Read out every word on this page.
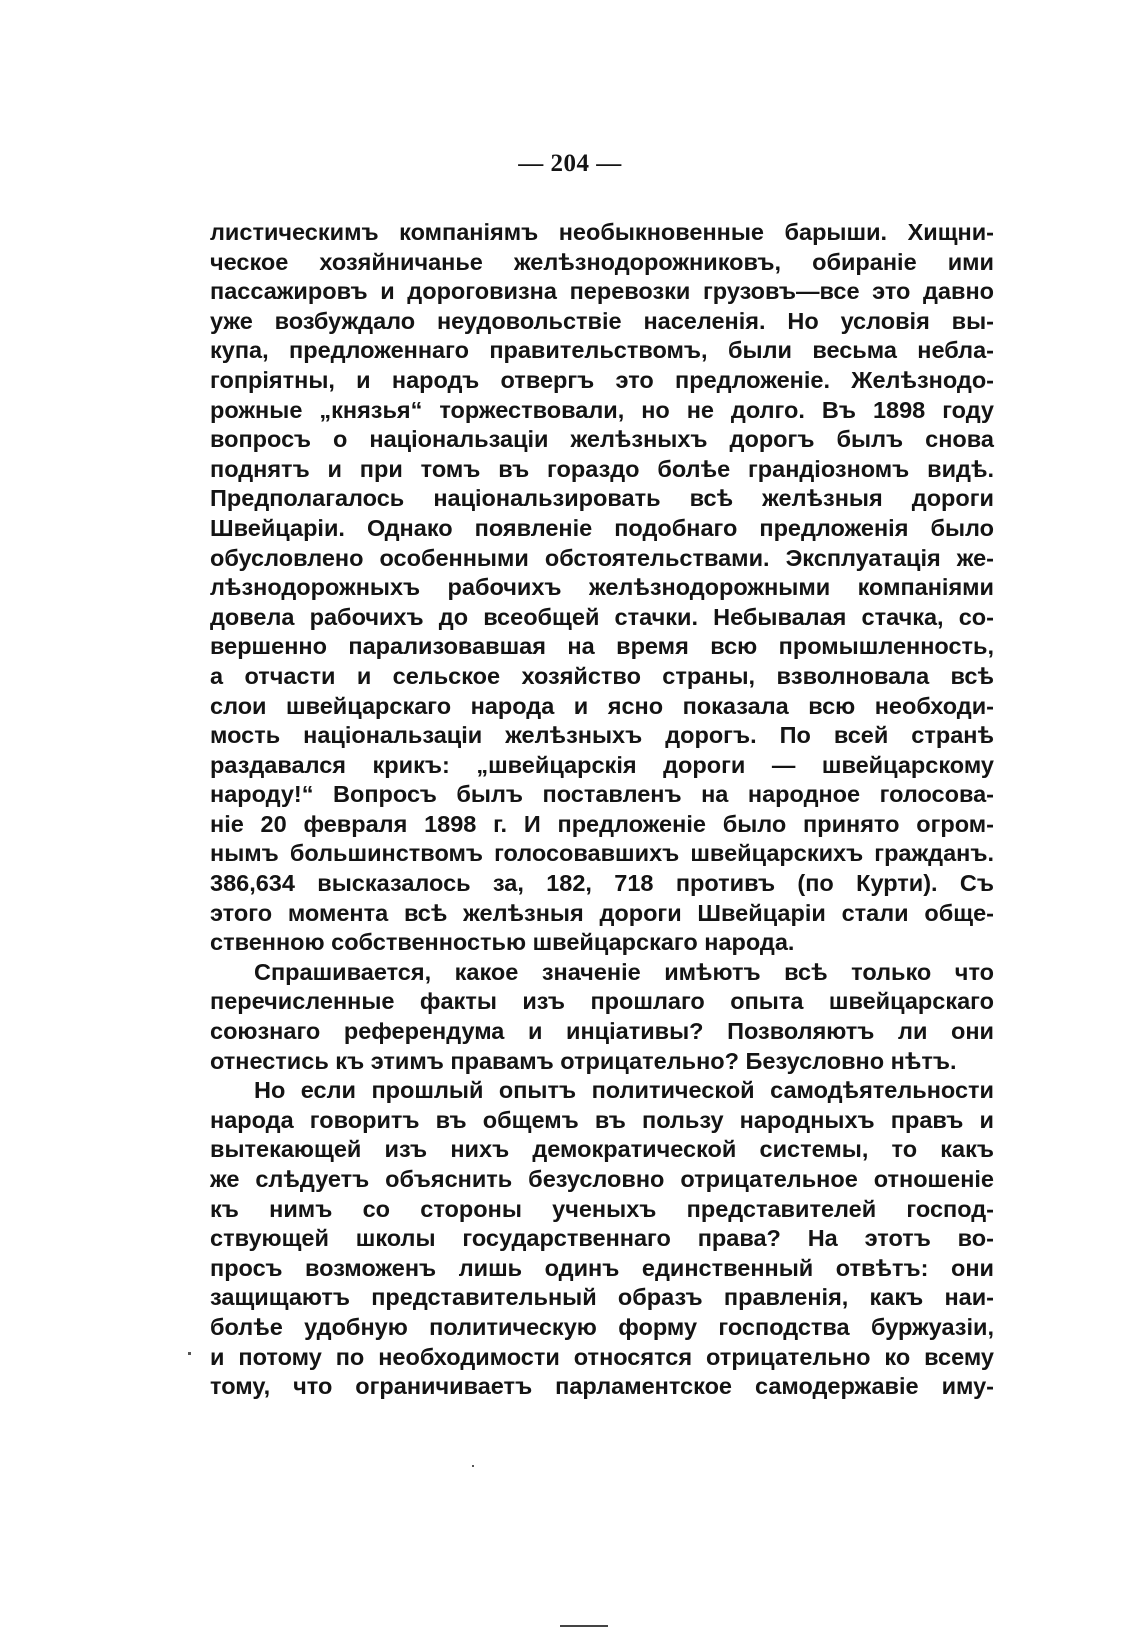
— 204 —
листическимъ компаніямъ необыкновенные барыши. Хищни-
ческое хозяйничанье желѣзнодорожниковъ, обираніе ими
пассажировъ и дороговизна перевозки грузовъ—все это давно
уже возбуждало неудовольствіе населенія. Но условія вы-
купа, предложеннаго правительствомъ, были весьма небла-
гопріятны, и народъ отвергъ это предложеніе. Желѣзнодо-
рожные „князья“ торжествовали, но не долго. Въ 1898 году
вопросъ о національзаціи желѣзныхъ дорогъ былъ снова
поднятъ и при томъ въ гораздо болѣе грандіозномъ видѣ.
Предполагалось національзировать всѣ желѣзныя дороги
Швейцаріи. Однако появленіе подобнаго предложенія было
обусловлено особенными обстоятельствами. Эксплуатація же-
лѣзнодорожныхъ рабочихъ желѣзнодорожными компаніями
довела рабочихъ до всеобщей стачки. Небывалая стачка, со-
вершенно парализовавшая на время всю промышленность,
а отчасти и сельское хозяйство страны, взволновала всѣ
слои швейцарскаго народа и ясно показала всю необходи-
мость національзаціи желѣзныхъ дорогъ. По всей странѣ
раздавался крикъ: „швейцарскія дороги — швейцарскому
народу!“ Вопросъ былъ поставленъ на народное голосова-
ніе 20 февраля 1898 г. И предложеніе было принято огром-
нымъ большинствомъ голосовавшихъ швейцарскихъ гражданъ.
386,634 высказалось за, 182, 718 противъ (по Курти). Съ
этого момента всѣ желѣзныя дороги Швейцаріи стали обще-
ственною собственностью швейцарскаго народа.
Спрашивается, какое значеніе имѣютъ всѣ только что
перечисленные факты изъ прошлаго опыта швейцарскаго
союзнаго референдума и инціативы? Позволяютъ ли они
отнестись къ этимъ правамъ отрицательно? Безусловно нѣтъ.
Но если прошлый опытъ политической самодѣятельности
народа говоритъ въ общемъ въ пользу народныхъ правъ и
вытекающей изъ нихъ демократической системы, то какъ
же слѣдуетъ объяснить безусловно отрицательное отношеніе
къ нимъ со стороны ученыхъ представителей господ-
ствующей школы государственнаго права? На этотъ во-
просъ возможенъ лишь одинъ единственный отвѣтъ: они
защищаютъ представительный образъ правленія, какъ наи-
болѣе удобную политическую форму господства буржуазіи,
и потому по необходимости относятся отрицательно ко всему
тому, что ограничиваетъ парламентское самодержавіе иму-
